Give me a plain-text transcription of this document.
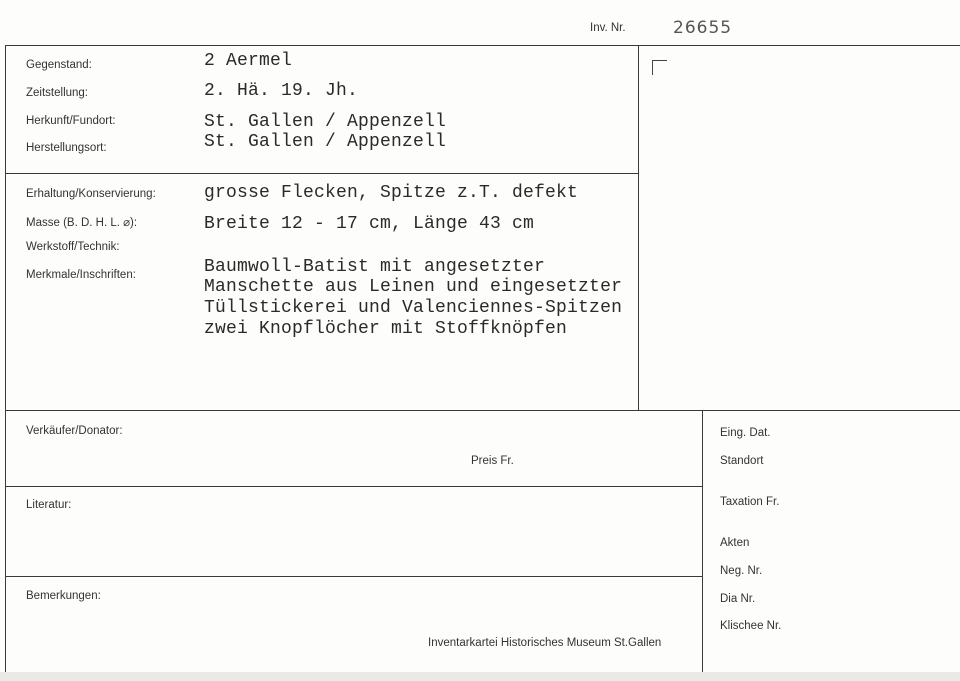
Inv. Nr.	26655
Gegenstand:	2 Aermel
Zeitstellung:	2. Hä. 19. Jh.
Herkunft/Fundort:	St. Gallen / Appenzell
Herstellungsort:	St. Gallen / Appenzell
Erhaltung/Konservierung:	grosse Flecken, Spitze z.T. defekt
Masse (B. D. H. L. ⌀):	Breite 12 - 17 cm, Länge 43 cm
Werkstoff/Technik:
Merkmale/Inschriften:	Baumwoll-Batist mit angesetzter
Manschette aus Leinen und eingesetzter
Tüllstickerei und Valenciennes-Spitzen
zwei Knopflöcher mit Stoffknöpfen
Verkäufer/Donator:
Preis Fr.
Literatur:
Bemerkungen:
Inventarkartei Historisches Museum St.Gallen
Eing. Dat.
Standort
Taxation Fr.
Akten
Neg. Nr.
Dia Nr.
Klischee Nr.
